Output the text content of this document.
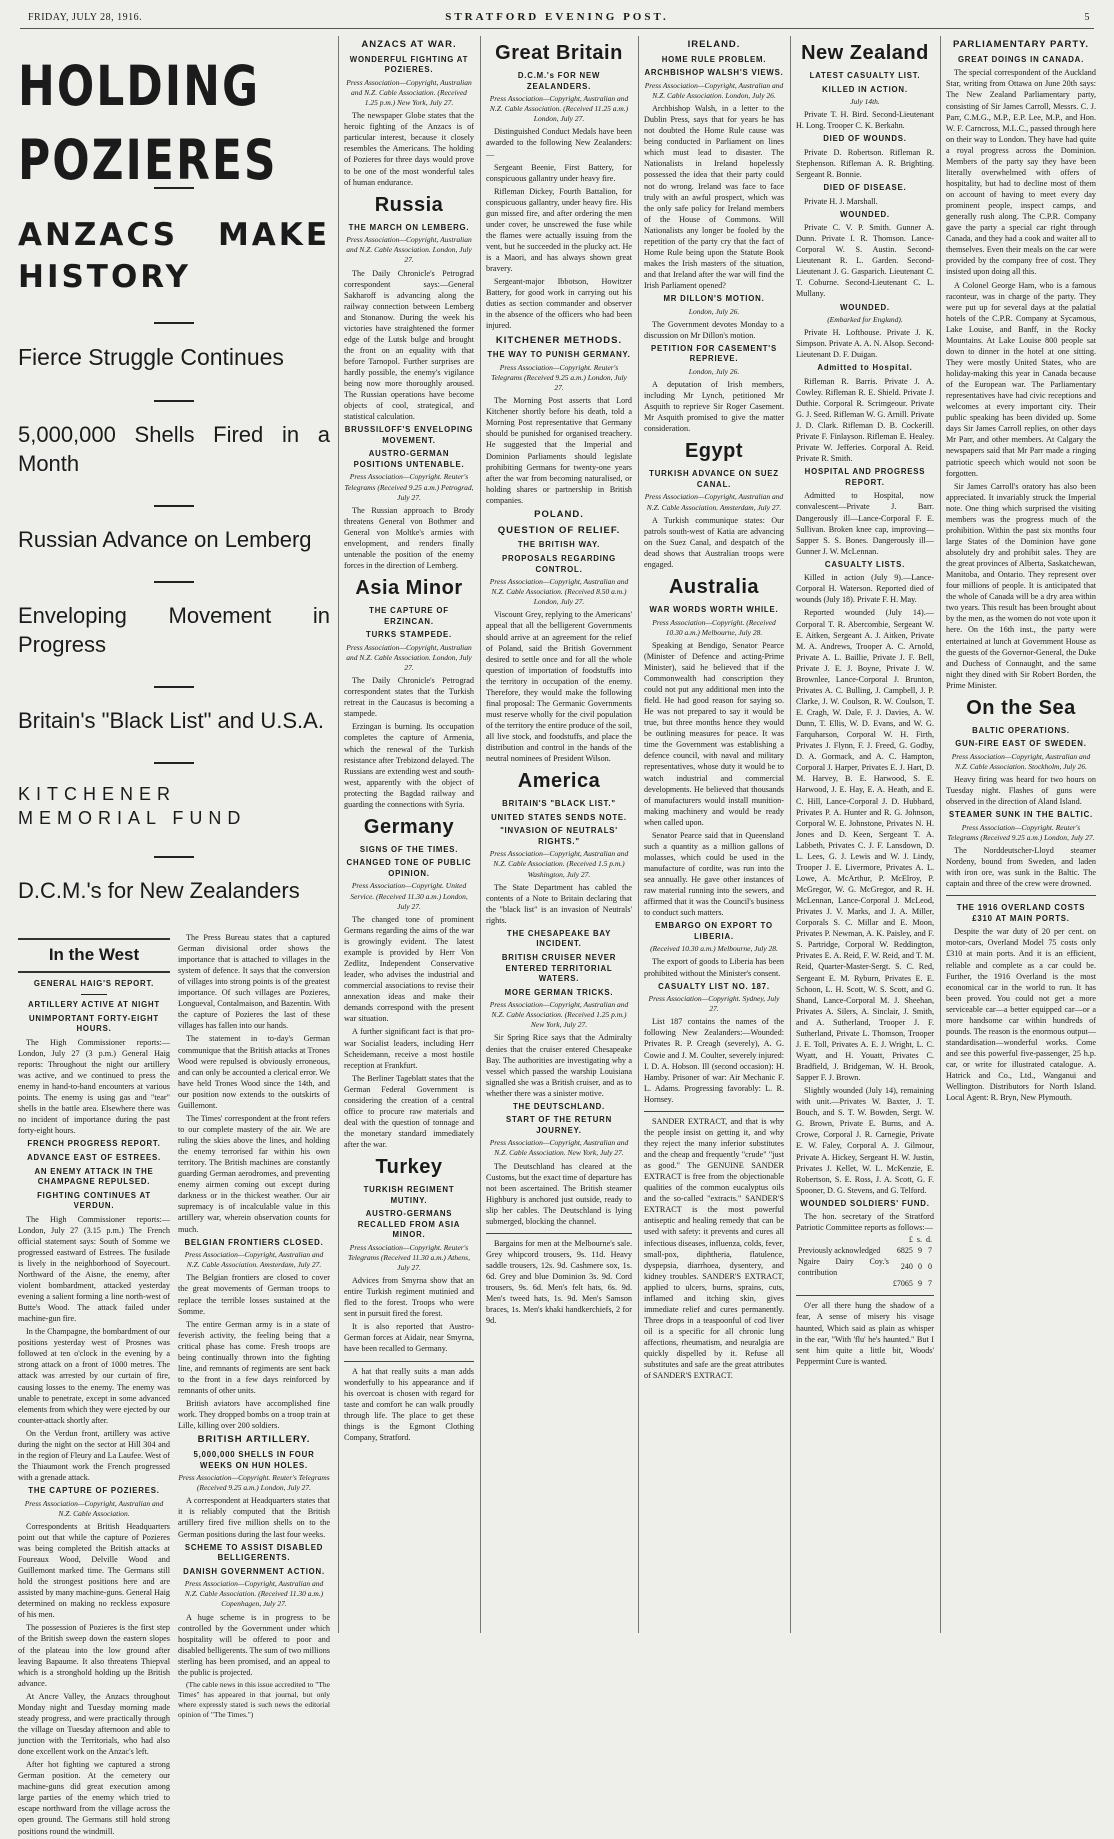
FRIDAY, JULY 28, 1916.	STRATFORD EVENING POST.	5
HOLDING POZIERES
ANZACS MAKE HISTORY
Fierce Struggle Continues
5,000,000 Shells Fired in a Month
Russian Advance on Lemberg
Enveloping Movement in Progress
Britain's "Black List" and U.S.A.
KITCHENER MEMORIAL FUND
D.C.M.'s for New Zealanders
In the West
GENERAL HAIG'S REPORT.
ARTILLERY ACTIVE AT NIGHT
UNIMPORTANT FORTY-EIGHT HOURS.

The High Commissioner reports:— London, July 27 (3 p.m.) General Haig reports: Throughout the night our artillery was active, and we continued to press the enemy in hand-to-hand encounters at various points. The enemy is using gas and "tear" shells in the battle area. Elsewhere there was no incident of importance during the past forty-eight hours.

FRENCH PROGRESS REPORT.
ADVANCE EAST OF ESTREES.
AN ENEMY ATTACK IN THE CHAMPAGNE REPULSED.
FIGHTING CONTINUES AT VERDUN.

The High Commissioner reports:— London, July 27 (3.15 p.m.) The French official statement says: South of Somme we progressed eastward of Estrees. The fusilade is lively in the neighborhood of Soyecourt. Northward of the Aisne, the enemy, after violent bombardment, attacked yesterday evening a salient forming a line north-west of Butte's Wood. The attack failed under machine-gun fire.

In the Champagne, the bombardment of our positions yesterday west of Prosnes was followed at ten o'clock in the evening by a strong attack on a front of 1000 metres. The attack was arrested by our curtain of fire, causing losses to the enemy. The enemy was unable to penetrate, except in some advanced elements from which they were ejected by our counter-attack shortly after.

On the Verdun front, artillery was active during the night on the sector at Hill 304 and in the region of Fleury and La Laufee. West of the Thiaumont work the French progressed with a grenade attack.

THE CAPTURE OF POZIERES.
Press Association—Copyright, Australian and N.Z. Cable Association.

Correspondents at British Headquarters point out that while the capture of Pozieres was being completed the British attacks at Foureaux Wood, Delville Wood and Guillemont marked time. The Germans still hold the strongest positions here and are assisted by many machine-guns. General Haig determined on making no reckless exposure of his men.

The possession of Pozieres is the first step of the British sweep down the eastern slopes of the plateau into the low ground after leaving Bapaume. It also threatens Thiepval which is a stronghold holding up the British advance.

At Ancre Valley, the Anzacs throughout Monday night and Tuesday morning made steady progress, and were practically through the village on Tuesday afternoon and able to junction with the Territorials, who had also done excellent work on the Anzac's left.

After hot fighting we captured a strong German position. At the cemetery our machine-guns did great execution among large parties of the enemy which tried to escape northward from the village across the open ground. The Germans still hold strong positions round the windmill.

The Press Bureau states that a captured German divisional order shows the importance that is attached to villages in the system of defence. It says that the conversion of villages into strong points is of the greatest importance. Of such villages are Pozieres, Longueval, Contalmaison, and Bazentin. With the capture of Pozieres the last of these villages has fallen into our hands.

The statement in to-day's German communique that the British attacks at Trones Wood were repulsed is obviously erroneous, and can only be accounted a clerical error. We have held Trones Wood since the 14th, and our position now extends to the outskirts of Guillemont.

The Times' correspondent at the front refers to our complete mastery of the air. We are ruling the skies above the lines, and holding the enemy terrorised far within his own territory. The British machines are constantly guarding German aerodromes, and preventing enemy airmen coming out except during darkness or in the thickest weather. Our air supremacy is of incalculable value in this artillery war, wherein observation counts for much.

BELGIAN FRONTIERS CLOSED.
Press Association—Copyright, Australian and N.Z. Cable Association. Amsterdam, July 27.

The Belgian frontiers are closed to cover the great movements of German troops to replace the terrible losses sustained at the Somme.

The entire German army is in a state of feverish activity, the feeling being that a critical phase has come. Fresh troops are being continually thrown into the fighting line, and remnants of regiments are sent back to the front in a few days reinforced by remnants of other units.

British aviators have accomplished fine work. They dropped bombs on a troop train at Lille, killing over 200 soldiers.

BRITISH ARTILLERY.
5,000,000 SHELLS IN FOUR WEEKS ON HUN HOLES.
Press Association—Copyright. Reuter's Telegrams (Received 9.25 a.m.) London, July 27.

A correspondent at Headquarters states that it is reliably computed that the British artillery fired five million shells on to the German positions during the last four weeks.

SCHEME TO ASSIST DISABLED BELLIGERENTS.
DANISH GOVERNMENT ACTION.
Press Association—Copyright, Australian and N.Z. Cable Association. (Received 11.30 a.m.) Copenhagen, July 27.

A huge scheme is in progress to be controlled by the Government under which hospitality will be offered to poor and disabled belligerents. The sum of two millions sterling has been promised, and an appeal to the public is projected.

(The cable news in this issue accredited to "The Times" has appeared in that journal, but only where expressly stated is such news the editorial opinion of "The Times.")

ANZACS AT WAR.
WONDERFUL FIGHTING AT POZIERES.
Press Association—Copyright, Australian and N.Z. Cable Association. (Received 1.25 p.m.) New York, July 27.

The newspaper Globe states that the heroic fighting of the Anzacs is of particular interest, because it closely resembles the Americans. The holding of Pozieres for three days would prove to be one of the most wonderful tales of human endurance.

Russia
THE MARCH ON LEMBERG.
Press Association—Copyright, Australian and N.Z. Cable Association. London, July 27.

The Daily Chronicle's Petrograd correspondent says:—General Sakharoff is advancing along the railway connection between Lemberg and Stonanow. During the week his victories have straightened the former edge of the Lutsk bulge and brought the front on an equality with that before Tarnopol. Further surprises are hardly possible, the enemy's vigilance being now more thoroughly aroused. The Russian operations have become objects of cool, strategical, and statistical calculation.

BRUSSILOFF'S ENVELOPING MOVEMENT.
AUSTRO-GERMAN POSITIONS UNTENABLE.
Press Association—Copyright. Reuter's Telegrams (Received 9.25 a.m.) Petrograd, July 27.

The Russian approach to Brody threatens General von Bothmer and General von Moltke's armies with envelopment, and renders finally untenable the position of the enemy forces in the direction of Lemberg.

Asia Minor
THE CAPTURE OF ERZINCAN.
TURKS STAMPEDE.
Press Association—Copyright, Australian and N.Z. Cable Association. London, July 27.

The Daily Chronicle's Petrograd correspondent states that the Turkish retreat in the Caucasus is becoming a stampede.

Erzingan is burning. Its occupation completes the capture of Armenia, which the renewal of the Turkish resistance after Trebizond delayed. The Russians are extending west and south-west, apparently with the object of protecting the Bagdad railway and guarding the connections with Syria.

Germany
SIGNS OF THE TIMES.
CHANGED TONE OF PUBLIC OPINION.
Press Association—Copyright. United Service. (Received 11.30 a.m.) London, July 27.

The changed tone of prominent Germans regarding the aims of the war is growingly evident. The latest example is provided by Herr Von Zedlitz, Independent Conservative leader, who advises the industrial and commercial associations to revise their annexation ideas and make their demands correspond with the present war situation.

A further significant fact is that pro-war Socialist leaders, including Herr Scheidemann, receive a most hostile reception at Frankfurt.

The Berliner Tageblatt states that the German Federal Government is considering the creation of a central office to procure raw materials and deal with the question of tonnage and the monetary standard immediately after the war.

Turkey
TURKISH REGIMENT MUTINY.
AUSTRO-GERMANS RECALLED FROM ASIA MINOR.
Press Association—Copyright. Reuter's Telegrams (Received 11.30 a.m.) Athens, July 27.

Advices from Smyrna show that an entire Turkish regiment mutinied and fled to the forest. Troops who were sent in pursuit fired the forest.

It is also reported that Austro-German forces at Aidair, near Smyrna, have been recalled to Germany.

A hat that really suits a man adds wonderfully to his appearance and if his overcoat is chosen with regard for taste and comfort he can walk proudly through life. The place to get these things is the Egmont Clothing Company, Stratford.

Great Britain
D.C.M.'s FOR NEW ZEALANDERS.
Press Association—Copyright, Australian and N.Z. Cable Association. (Received 11.25 a.m.) London, July 27.

Distinguished Conduct Medals have been awarded to the following New Zealanders:—

Sergeant Beenie, First Battery, for conspicuous gallantry under heavy fire.

Rifleman Dickey, Fourth Battalion, for conspicuous gallantry, under heavy fire. His gun missed fire, and after ordering the men under cover, he unscrewed the fuse while the flames were actually issuing from the vent, but he succeeded in the plucky act. He is a Maori, and has always shown great bravery.

Sergeant-major Ibbotson, Howitzer Battery, for good work in carrying out his duties as section commander and observer in the absence of the officers who had been injured.

KITCHENER METHODS.
THE WAY TO PUNISH GERMANY.
Press Association—Copyright. Reuter's Telegrams (Received 9.25 a.m.) London, July 27.

The Morning Post asserts that Lord Kitchener shortly before his death, told a Morning Post representative that Germany should be punished for organised treachery. He suggested that the Imperial and Dominion Parliaments should legislate prohibiting Germans for twenty-one years after the war from becoming naturalised, or holding shares or partnership in British companies.

POLAND.
QUESTION OF RELIEF.
THE BRITISH WAY.
PROPOSALS REGARDING CONTROL.
Press Association—Copyright, Australian and N.Z. Cable Association. (Received 8.50 a.m.) London, July 27.

Viscount Grey, replying to the Americans' appeal that all the belligerent Governments should arrive at an agreement for the relief of Poland, said the British Government desired to settle once and for all the whole question of importation of foodstuffs into the territory in occupation of the enemy. Therefore, they would make the following final proposal: The Germanic Governments must reserve wholly for the civil population of the territory the entire produce of the soil, all live stock, and foodstuffs, and place the distribution and control in the hands of the neutral nominees of President Wilson.

America
BRITAIN'S "BLACK LIST."
UNITED STATES SENDS NOTE.
"INVASION OF NEUTRALS' RIGHTS."
Press Association—Copyright, Australian and N.Z. Cable Association. (Received 1.5 p.m.) Washington, July 27.

The State Department has cabled the contents of a Note to Britain declaring that the "black list" is an invasion of Neutrals' rights.

THE CHESAPEAKE BAY INCIDENT.
BRITISH CRUISER NEVER ENTERED TERRITORIAL WATERS.
MORE GERMAN TRICKS.
Press Association—Copyright, Australian and N.Z. Cable Association. (Received 1.25 p.m.) New York, July 27.

Sir Spring Rice says that the Admiralty denies that the cruiser entered Chesapeake Bay. The authorities are investigating why a vessel which passed the warship Louisiana signalled she was a British cruiser, and as to whether there was a sinister motive.

THE DEUTSCHLAND.
START OF THE RETURN JOURNEY.
Press Association—Copyright, Australian and N.Z. Cable Association. New York, July 27.

The Deutschland has cleared at the Customs, but the exact time of departure has not been ascertained. The British steamer Highbury is anchored just outside, ready to slip her cables. The Deutschland is lying submerged, blocking the channel.

Bargains for men at the Melbourne's sale. Grey whipcord trousers, 9s. 11d. Heavy saddle trousers, 12s. 9d. Cashmere sox, 1s. 6d. Grey and blue Dominion 3s. 9d. Cord trousers, 9s. 6d. Men's felt hats, 6s. 9d. Men's tweed hats, 1s. 9d. Men's Samson braces, 1s. Men's khaki handkerchiefs, 2 for 9d.

IRELAND.
HOME RULE PROBLEM.
ARCHBISHOP WALSH'S VIEWS.
Press Association—Copyright, Australian and N.Z. Cable Association. London, July 26.

Archbishop Walsh, in a letter to the Dublin Press, says that for years he has not doubted the Home Rule cause was being conducted in Parliament on lines which must lead to disaster. The Nationalists in Ireland hopelessly possessed the idea that their party could not do wrong. Ireland was face to face truly with an awful prospect, which was the only safe policy for Ireland members of the House of Commons. Will Nationalists any longer be fooled by the repetition of the party cry that the fact of Home Rule being upon the Statute Book makes the Irish masters of the situation, and that Ireland after the war will find the Irish Parliament opened?

MR DILLON'S MOTION.
London, July 26.

The Government devotes Monday to a discussion on Mr Dillon's motion.

PETITION FOR CASEMENT'S REPRIEVE.
London, July 26.

A deputation of Irish members, including Mr Lynch, petitioned Mr Asquith to reprieve Sir Roger Casement. Mr Asquith promised to give the matter consideration.

Egypt
TURKISH ADVANCE ON SUEZ CANAL.
Press Association—Copyright, Australian and N.Z. Cable Association. Amsterdam, July 27.

A Turkish communique states: Our patrols south-west of Katia are advancing on the Suez Canal, and despatch of the dead shows that Australian troops were engaged.

Australia
WAR WORDS WORTH WHILE.
Press Association—Copyright. (Received 10.30 a.m.) Melbourne, July 28.

Speaking at Bendigo, Senator Pearce (Minister of Defence and acting-Prime Minister), said he believed that if the Commonwealth had conscription they could not put any additional men into the field. He had good reason for saying so. He was not prepared to say it would be true, but three months hence they would be outlining measures for peace. It was time the Government was establishing a defence council, with naval and military representatives, whose duty it would be to watch industrial and commercial developments. He believed that thousands of manufacturers would install munition-making machinery and would be ready when called upon.

Senator Pearce said that in Queensland such a quantity as a million gallons of molasses, which could be used in the manufacture of cordite, was run into the sea annually. He gave other instances of raw material running into the sewers, and affirmed that it was the Council's business to conduct such matters.

EMBARGO ON EXPORT TO LIBERIA.
(Received 10.30 a.m.) Melbourne, July 28.

The export of goods to Liberia has been prohibited without the Minister's consent.

CASUALTY LIST NO. 187.
Press Association—Copyright. Sydney, July 27.

List 187 contains the names of the following New Zealanders:—Wounded: Privates R. P. Creagh (severely), A. G. Cowie and J. M. Coulter, severely injured: I. D. A. Hobson. Ill (second occasion): H. Hamby. Prisoner of war: Air Mechanic F. L. Adams. Progressing favorably: L. R. Hornsey.

SANDER EXTRACT, and that is why the people insist on getting it, and why they reject the many inferior substitutes and the cheap and frequently "crude" "just as good." The GENUINE SANDER EXTRACT is free from the objectionable qualities of the common eucalyptus oils and the so-called "extracts." SANDER'S EXTRACT is the most powerful antiseptic and healing remedy that can be used with safety: it prevents and cures all infectious diseases, influenza, colds, fever, small-pox, diphtheria, flatulence, dyspepsia, diarrhoea, dysentery, and kidney troubles. SANDER'S EXTRACT, applied to ulcers, burns, sprains, cuts, inflamed and itching skin, gives immediate relief and cures permanently. Three drops in a teaspoonful of cod liver oil is a specific for all chronic lung affections, rheumatism, and neuralgia are quickly dispelled by it. Refuse all substitutes and safe are the great attributes of SANDER'S EXTRACT.

New Zealand
LATEST CASUALTY LIST.
KILLED IN ACTION.
July 14th.

Private T. H. Bird. Second-Lieutenant H. Long. Trooper C. K. Berkahn.

DIED OF WOUNDS.

Private D. Robertson. Rifleman R. Stephenson. Rifleman A. R. Brighting. Sergeant R. Bonnie.

DIED OF DISEASE.

Private H. J. Marshall.

WOUNDED.

Private C. V. P. Smith. Gunner A. Dunn. Private I. R. Thomson. Lance-Corporal W. S. Austin. Second-Lieutenant R. L. Garden. Second-Lieutenant J. G. Gasparich. Lieutenant C. T. Coburne. Second-Lieutenant C. L. Mullany.

WOUNDED.
(Embarked for England).

Private H. Lofthouse. Private J. K. Simpson. Private A. A. N. Alsop. Second-Lieutenant D. F. Duigan.

Admitted to Hospital.

Rifleman R. Barris. Private J. A. Cowley. Rifleman R. E. Shield. Private J. Duthie. Corporal R. Scrimgeour. Private G. J. Seed. Rifleman W. G. Arnill. Private J. D. Clark. Rifleman D. B. Cockerill. Private F. Finlayson. Rifleman E. Healey. Private W. Jefferies. Corporal A. Reid. Private R. Smith.

HOSPITAL AND PROGRESS REPORT.

Admitted to Hospital, now convalescent—Private J. Barr. Dangerously ill—Lance-Corporal F. E. Sullivan. Broken knee cap, improving—Sapper S. S. Bones. Dangerously ill—Gunner J. W. McLennan.

CASUALTY LISTS.

Killed in action (July 9).—Lance-Corporal H. Waterson. Reported died of wounds (July 18). Private F. H. May.

Reported wounded (July 14).—Corporal T. R. Abercombie, Sergeant W. E. Aitken, Sergeant A. J. Aitken, Private M. A. Andrews, Trooper A. C. Arnold, Private A. L. Baillie, Private J. F. Bell, Private J. E. J. Boyne, Private J. W. Brownlee, Lance-Corporal J. Brunton, Privates A. C. Bulling, J. Campbell, J. P. Clarke, J. W. Coulson, R. W. Coulson, T. E. Cragh, W. Dale, F. J. Davies, A. W. Dunn, T. Ellis, W. D. Evans, and W. G. Farquharson, Corporal W. H. Firth, Privates J. Flynn, F. J. Freed, G. Godby, D. A. Gormack, and A. C. Hampton, Corporal J. Harper, Privates E. J. Hart, D. M. Harvey, B. E. Harwood, S. E. Harwood, J. E. Hay, E. A. Heath, and E. C. Hill, Lance-Corporal J. D. Hubbard, Privates P. A. Hunter and R. G. Johnson, Corporal W. E. Johnstone, Privates N. H. Jones and D. Keen, Sergeant T. A. Labbeth, Privates C. J. F. Lansdown, D. L. Lees, G. J. Lewis and W. J. Lindy, Trooper J. E. Livermore, Privates A. L. Lowe, A. McArthur, P. McElroy, P. McGregor, W. G. McGregor, and R. H. McLennan, Lance-Corporal J. McLeod, Privates J. V. Marks, and J. A. Miller, Corporals S. C. Millar and E. Moon, Privates P. Newman, A. K. Paisley, and F. S. Partridge, Corporal W. Reddington, Privates E. A. Reid, F. W. Reid, and T. M. Reid, Quarter-Master-Sergt. S. C. Red, Sergeant E. M. Ryburn, Privates E. E. Schoon, L. H. Scott, W. S. Scott, and G. Shand, Lance-Corporal M. J. Sheehan, Privates A. Silers, A. Sinclair, J. Smith, and A. Sutherland, Trooper J. F. Sutherland, Private L. Thomson, Trooper J. E. Toll, Privates A. E. J. Wright, L. C. Wyatt, and H. Youatt, Privates C. Bradfield, J. Bridgeman, W. H. Brook, Sapper F. J. Brown.

Slightly wounded (July 14), remaining with unit.—Privates W. Baxter, J. T. Bouch, and S. T. W. Bowden, Sergt. W. G. Brown, Private E. Burns, and A. Crowe, Corporal J. R. Carnegie, Private E. W. Faley, Corporal A. J. Gilmour, Private A. Hickey, Sergeant H. W. Justin, Privates J. Kellet, W. L. McKenzie, E. Robertson, S. E. Ross, J. A. Scott, G. F. Spooner, D. G. Stevens, and G. Telford.

WOUNDED SOLDIERS' FUND.

The hon. secretary of the Stratford Patriotic Committee reports as follows:—

	£	s.	d.
Previously acknowledged	6825	9	7
Ngaire Dairy Coy.'s contribution	240	0	0
	£7065	9	7

O'er all there hung the shadow of a fear, A sense of misery his visage haunted, Which said as plain as whisper in the ear, "With 'flu' he's haunted." But I sent him quite a little bit, Woods' Peppermint Cure is wanted.

PARLIAMENTARY PARTY.
GREAT DOINGS IN CANADA.

The special correspondent of the Auckland Star, writing from Ottawa on June 20th says: The New Zealand Parliamentary party, consisting of Sir James Carroll, Messrs. C. J. Parr, C.M.G., M.P., E.P. Lee, M.P., and Hon. W. F. Carncross, M.L.C., passed through here on their way to London. They have had quite a royal progress across the Dominion. Members of the party say they have been literally overwhelmed with offers of hospitality, but had to decline most of them on account of having to meet every day prominent people, inspect camps, and generally rush along. The C.P.R. Company gave the party a special car right through Canada, and they had a cook and waiter all to themselves. Even their meals on the car were provided by the company free of cost. They insisted upon doing all this.

A Colonel George Ham, who is a famous raconteur, was in charge of the party. They were put up for several days at the palatial hotels of the C.P.R. Company at Sycamous, Lake Louise, and Banff, in the Rocky Mountains. At Lake Louise 800 people sat down to dinner in the hotel at one sitting. They were mostly United States, who are holiday-making this year in Canada because of the European war. The Parliamentary representatives have had civic receptions and welcomes at every important city. Their public speaking has been divided up. Some days Sir James Carroll replies, on other days Mr Parr, and other members. At Calgary the newspapers said that Mr Parr made a ringing patriotic speech which would not soon be forgotten.

Sir James Carroll's oratory has also been appreciated. It invariably struck the Imperial note. One thing which surprised the visiting members was the progress much of the prohibition. Within the past six months four large States of the Dominion have gone absolutely dry and prohibit sales. They are the great provinces of Alberta, Saskatchewan, Manitoba, and Ontario. They represent over four millions of people. It is anticipated that the whole of Canada will be a dry area within two years. This result has been brought about by the men, as the women do not vote upon it here. On the 16th inst., the party were entertained at lunch at Government House as the guests of the Governor-General, the Duke and Duchess of Connaught, and the same night they dined with Sir Robert Borden, the Prime Minister.

On the Sea
BALTIC OPERATIONS.
GUN-FIRE EAST OF SWEDEN.
Press Association—Copyright, Australian and N.Z. Cable Association. Stockholm, July 26.

Heavy firing was heard for two hours on Tuesday night. Flashes of guns were observed in the direction of Aland Island.

STEAMER SUNK IN THE BALTIC.
Press Association—Copyright. Reuter's Telegrams (Received 9.25 a.m.) London, July 27.

The Norddeutscher-Lloyd steamer Nordeny, bound from Sweden, and laden with iron ore, was sunk in the Baltic. The captain and three of the crew were drowned.

THE 1916 OVERLAND COSTS £310 AT MAIN PORTS.

Despite the war duty of 20 per cent. on motor-cars, Overland Model 75 costs only £310 at main ports. And it is an efficient, reliable and complete as a car could be. Further, the 1916 Overland is the most economical car in the world to run. It has been proved. You could not get a more serviceable car—a better equipped car—or a more handsome car within hundreds of pounds. The reason is the enormous output—standardisation—wonderful works. Come and see this powerful five-passenger, 25 h.p. car, or write for illustrated catalogue. A. Hatrick and Co., Ltd., Wanganui and Wellington. Distributors for North Island. Local Agent: R. Bryn, New Plymouth.
